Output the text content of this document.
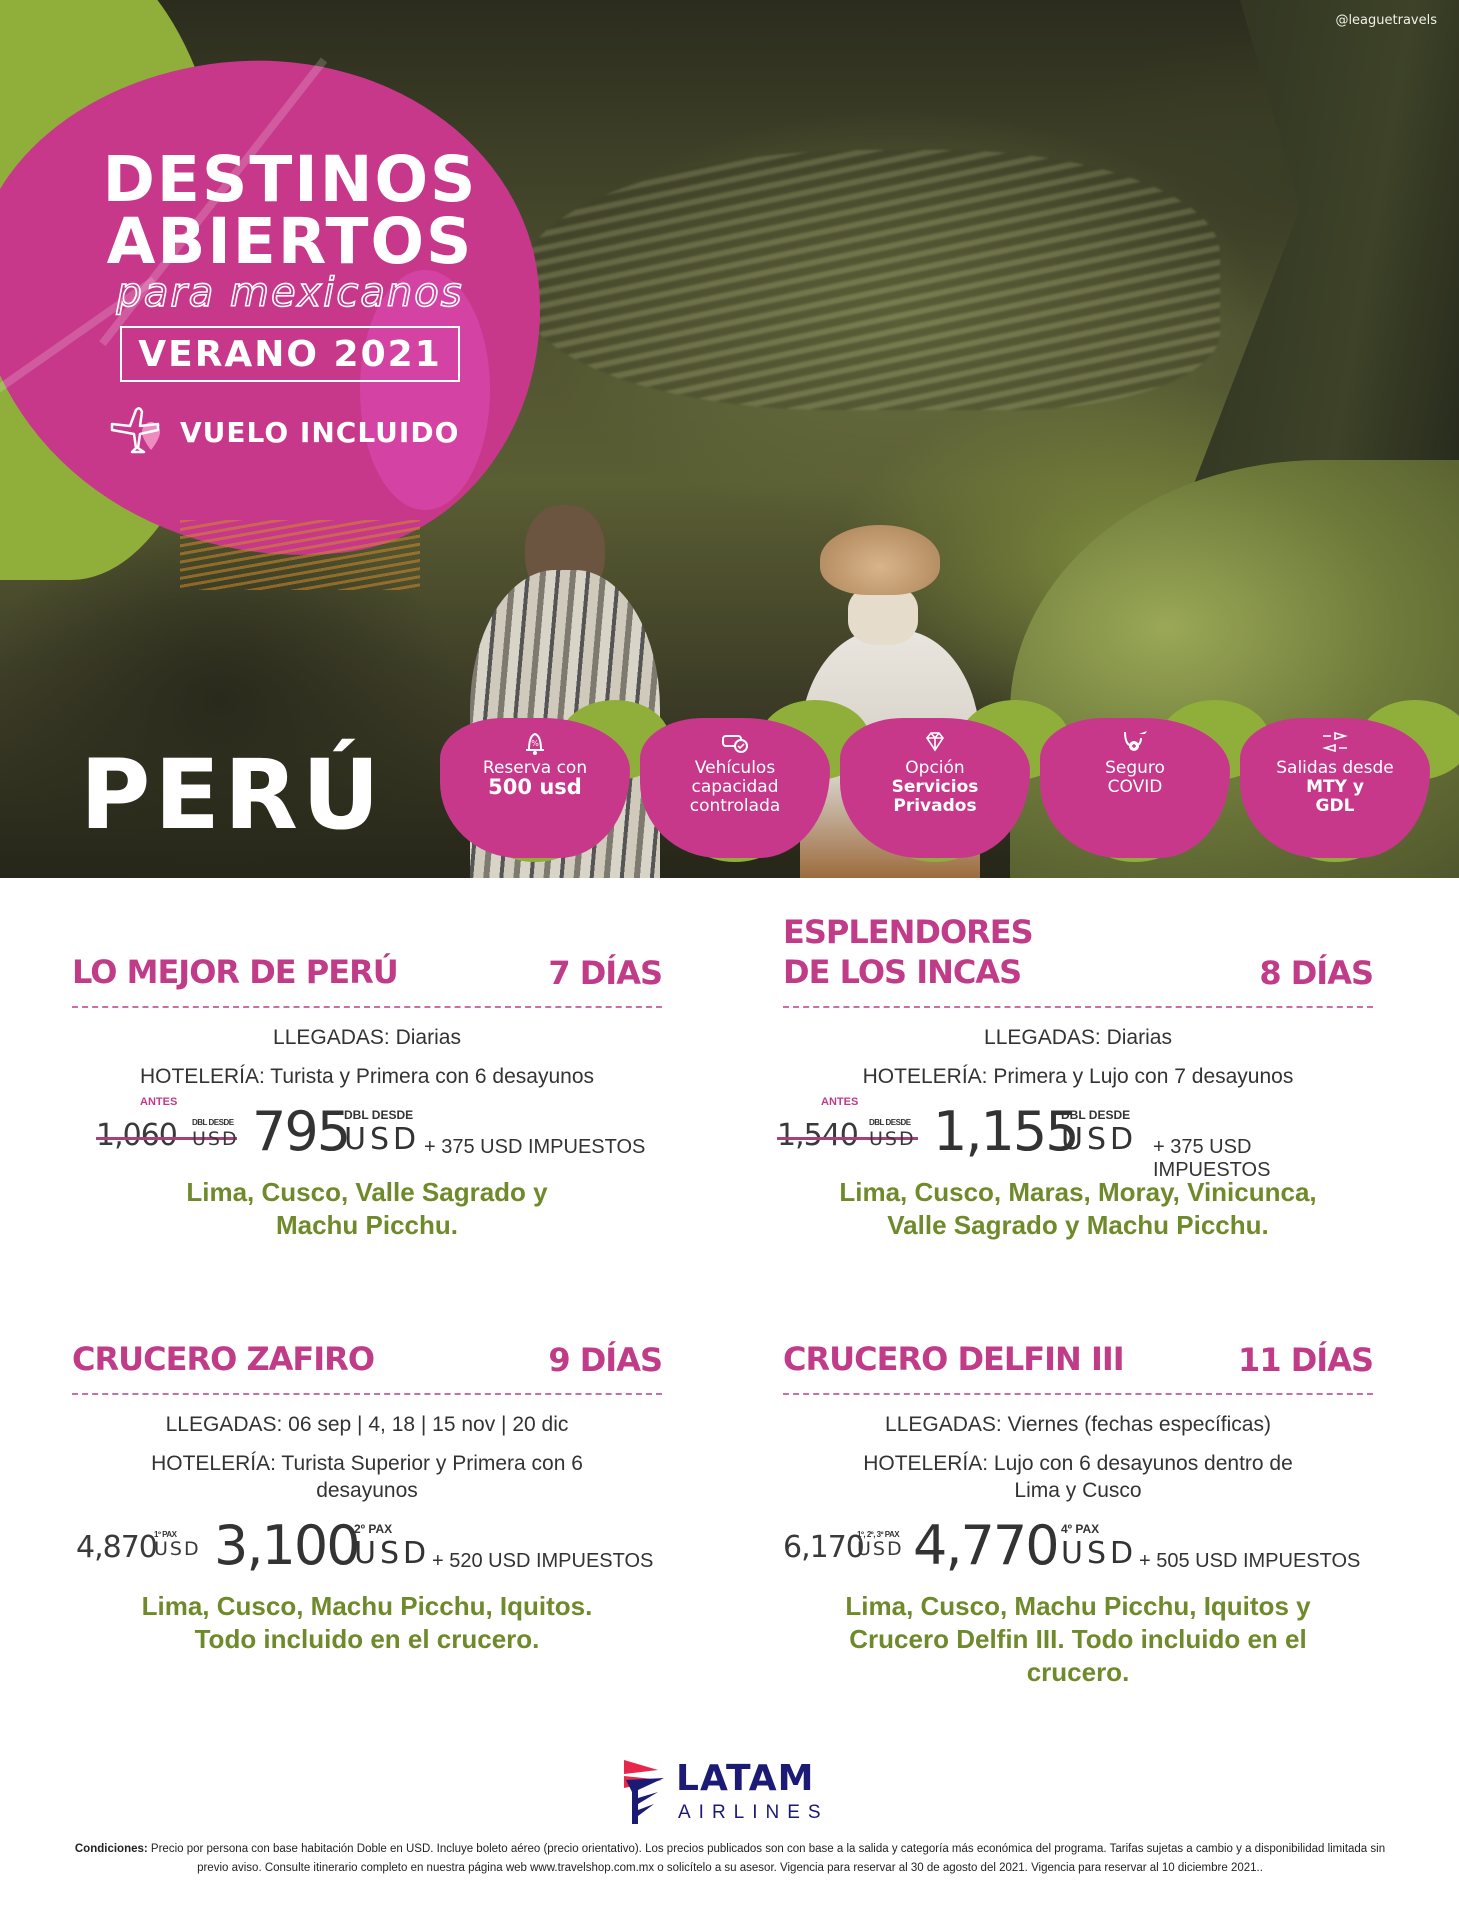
@leaguetravels
DESTINOS
ABIERTOS
para mexicanos
VERANO 2021
VUELO INCLUIDO
PERÚ	%
Reserva con
500 usd
Vehículos
capacidad
controlada
Opción
Servicios
Privados
Seguro
COVID
Salidas desde
MTY y
GDL
LO MEJOR DE PERÚ	7 DÍAS
LLEGADAS: Diarias
HOTELERÍA: Turista y Primera con 6 desayunos
ANTES
1,060 DBL DESDE
USD 795
DBL DESDE
USD + 375 USD IMPUESTOS
Lima, Cusco, Valle Sagrado y Machu Picchu.
ESPLENDORES
DE LOS INCAS	8 DÍAS
LLEGADAS: Diarias
HOTELERÍA: Primera y Lujo con 7 desayunos
ANTES
1,540 DBL DESDE
USD 1,155
DBL DESDE
USD + 375 USD IMPUESTOS
Lima, Cusco, Maras, Moray, Vinicunca, Valle Sagrado y Machu Picchu.
CRUCERO ZAFIRO	9 DÍAS
LLEGADAS: 06 sep | 4, 18 | 15 nov | 20 dic
HOTELERÍA: Turista Superior y Primera con 6 desayunos
4,870
1º PAX
USD 3,100
2º PAX
USD + 520 USD IMPUESTOS
Lima, Cusco, Machu Picchu, Iquitos. Todo incluido en el crucero.
CRUCERO DELFIN III	11 DÍAS
LLEGADAS: Viernes (fechas específicas)
HOTELERÍA: Lujo con 6 desayunos dentro de Lima y Cusco
6,170
1º, 2º, 3º PAX
USD 4,770 4º PAX
USD + 505 USD IMPUESTOS
Lima, Cusco, Machu Picchu, Iquitos y Crucero Delfin III. Todo incluido en el crucero.
LATAM
AIRLINES
Condiciones: Precio por persona con base habitación Doble en USD. Incluye boleto aéreo (precio orientativo). Los precios publicados son con base a la salida y categoría más económica del programa. Tarifas sujetas a cambio y a disponibilidad limitada sin previo aviso. Consulte itinerario completo en nuestra página web www.travelshop.com.mx o solicítelo a su asesor. Vigencia para reservar al 30 de agosto del 2021. Vigencia para reservar al 10 diciembre 2021..
